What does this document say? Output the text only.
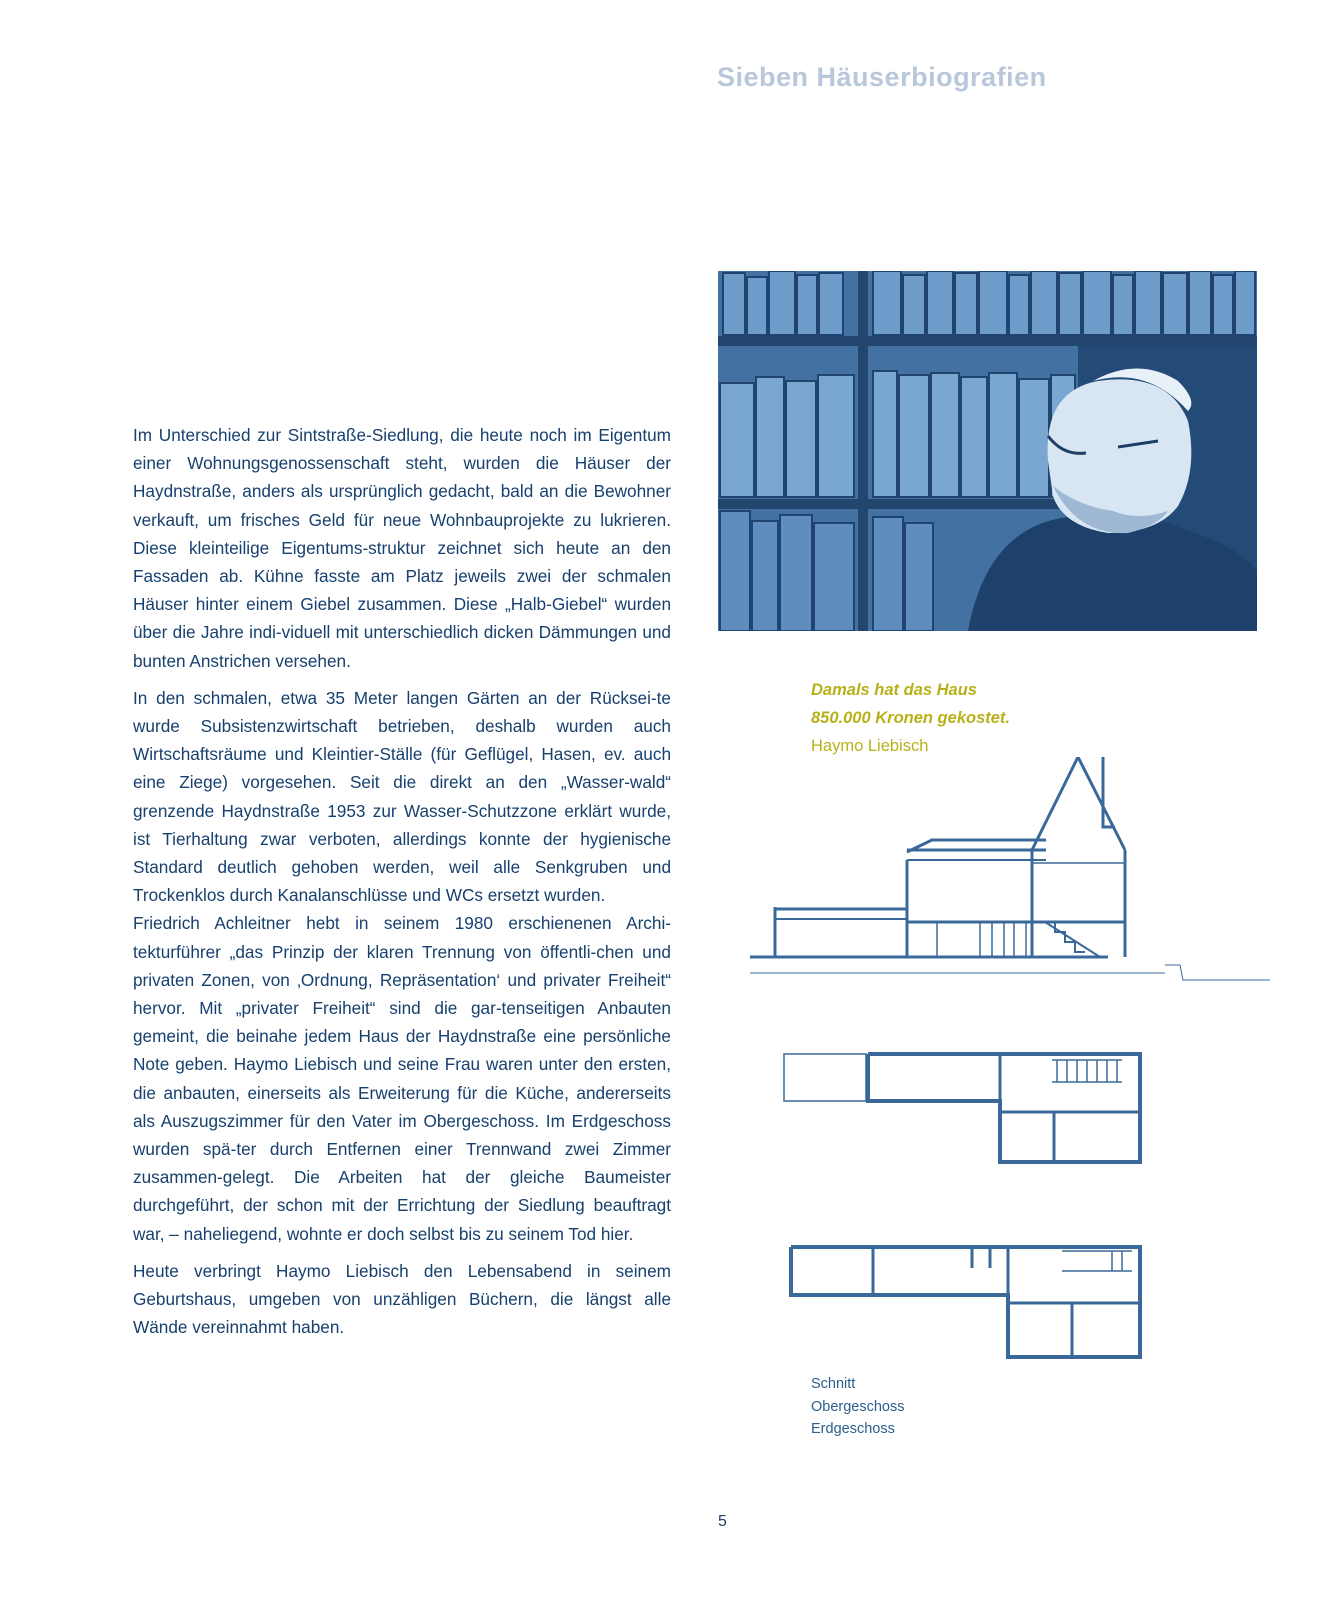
Sieben Häuserbiografien

Im Unterschied zur Sintstraße-Siedlung, die heute noch im Eigentum einer Wohnungsgenossenschaft steht, wurden die Häuser der Haydnstraße, anders als ursprünglich gedacht, bald an die Bewohner verkauft, um frisches Geld für neue Wohnbauprojekte zu lukrieren. Diese kleinteilige Eigentums-struktur zeichnet sich heute an den Fassaden ab. Kühne fasste am Platz jeweils zwei der schmalen Häuser hinter einem Giebel zusammen. Diese „Halb-Giebel“ wurden über die Jahre indi-viduell mit unterschiedlich dicken Dämmungen und bunten Anstrichen versehen.

In den schmalen, etwa 35 Meter langen Gärten an der Rücksei-te wurde Subsistenzwirtschaft betrieben, deshalb wurden auch Wirtschaftsräume und Kleintier-Ställe (für Geflügel, Hasen, ev. auch eine Ziege) vorgesehen. Seit die direkt an den „Wasser-wald“ grenzende Haydnstraße 1953 zur Wasser-Schutzzone erklärt wurde, ist Tierhaltung zwar verboten, allerdings konnte der hygienische Standard deutlich gehoben werden, weil alle Senkgruben und Trockenklos durch Kanalanschlüsse und WCs ersetzt wurden.

Friedrich Achleitner hebt in seinem 1980 erschienenen Archi-tekturführer „das Prinzip der klaren Trennung von öffentli-chen und privaten Zonen, von ‚Ordnung, Repräsentation‘ und privater Freiheit“ hervor. Mit „privater Freiheit“ sind die gar-tenseitigen Anbauten gemeint, die beinahe jedem Haus der Haydnstraße eine persönliche Note geben. Haymo Liebisch und seine Frau waren unter den ersten, die anbauten, einerseits als Erweiterung für die Küche, andererseits als Auszugszimmer für den Vater im Obergeschoss. Im Erdgeschoss wurden spä-ter durch Entfernen einer Trennwand zwei Zimmer zusammen-gelegt. Die Arbeiten hat der gleiche Baumeister durchgeführt, der schon mit der Errichtung der Siedlung beauftragt war, – naheliegend, wohnte er doch selbst bis zu seinem Tod hier.

Heute verbringt Haymo Liebisch den Lebensabend in seinem Geburtshaus, umgeben von unzähligen Büchern, die längst alle Wände vereinnahmt haben.

Damals hat das Haus
850.000 Kronen gekostet.
Haymo Liebisch
Schnitt
Obergeschoss
Erdgeschoss
5
